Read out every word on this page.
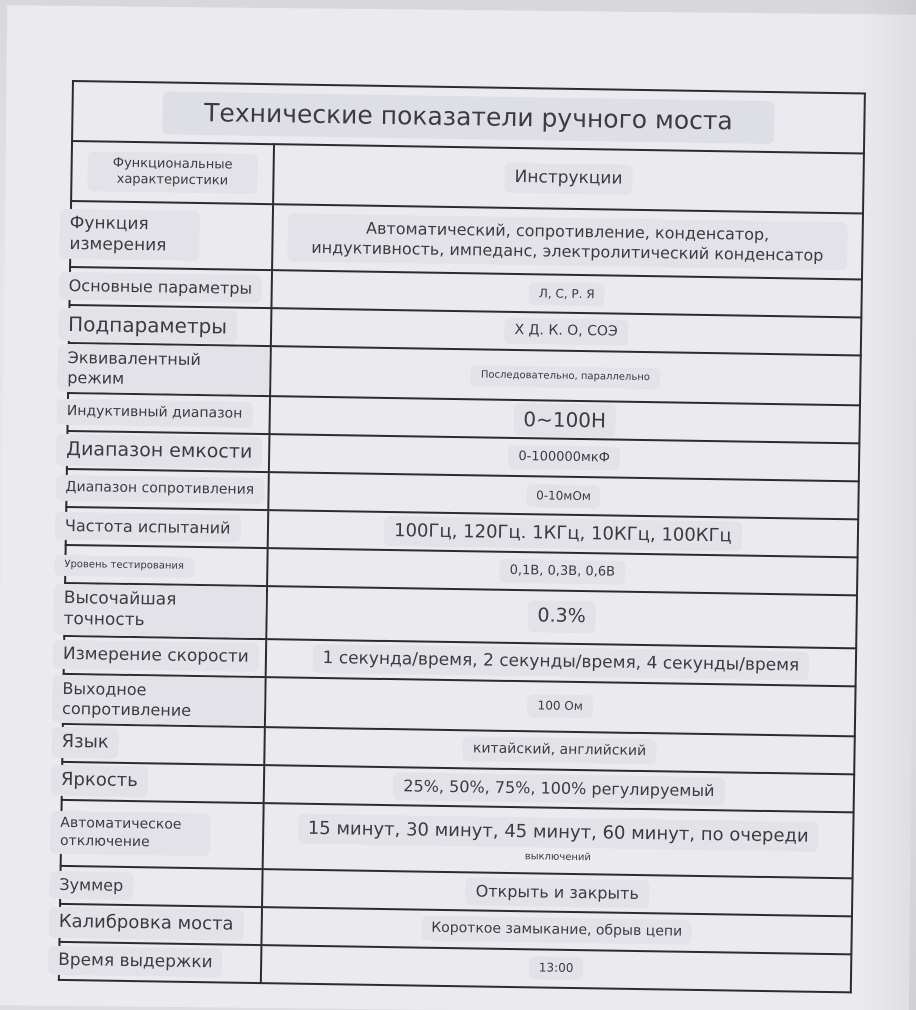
Технические показатели ручного моста	
Функциональные характеристики	Инструкции
Функция измерения	Автоматический, сопротивление, конденсатор, индуктивность, импеданс, электролитический конденсатор
Основные параметры	Л, С, Р. Я
Подпараметры	Х Д. К. О, СОЭ
Эквивалентный режим	Последовательно, параллельно
Индуктивный диапазон	0~100Н
Диапазон емкости	0-100000мкФ
Диапазон сопротивления	0-10мОм
Частота испытаний	100Гц, 120Гц. 1КГц, 10КГц, 100КГц
Уровень тестирования	0,1В, 0,3В, 0,6В
Высочайшая точность	0.3%
Измерение скорости	1 секунда/время, 2 секунды/время, 4 секунды/время
Выходное сопротивление	100 Ом
Язык	китайский, английский
Яркость	25%, 50%, 75%, 100% регулируемый
Автоматическое отключение	15 минут, 30 минут, 45 минут, 60 минут, по очереди
выключений

Зуммер	Открыть и закрыть
Калибровка моста	Короткое замыкание, обрыв цепи
Время выдержки	13:00
